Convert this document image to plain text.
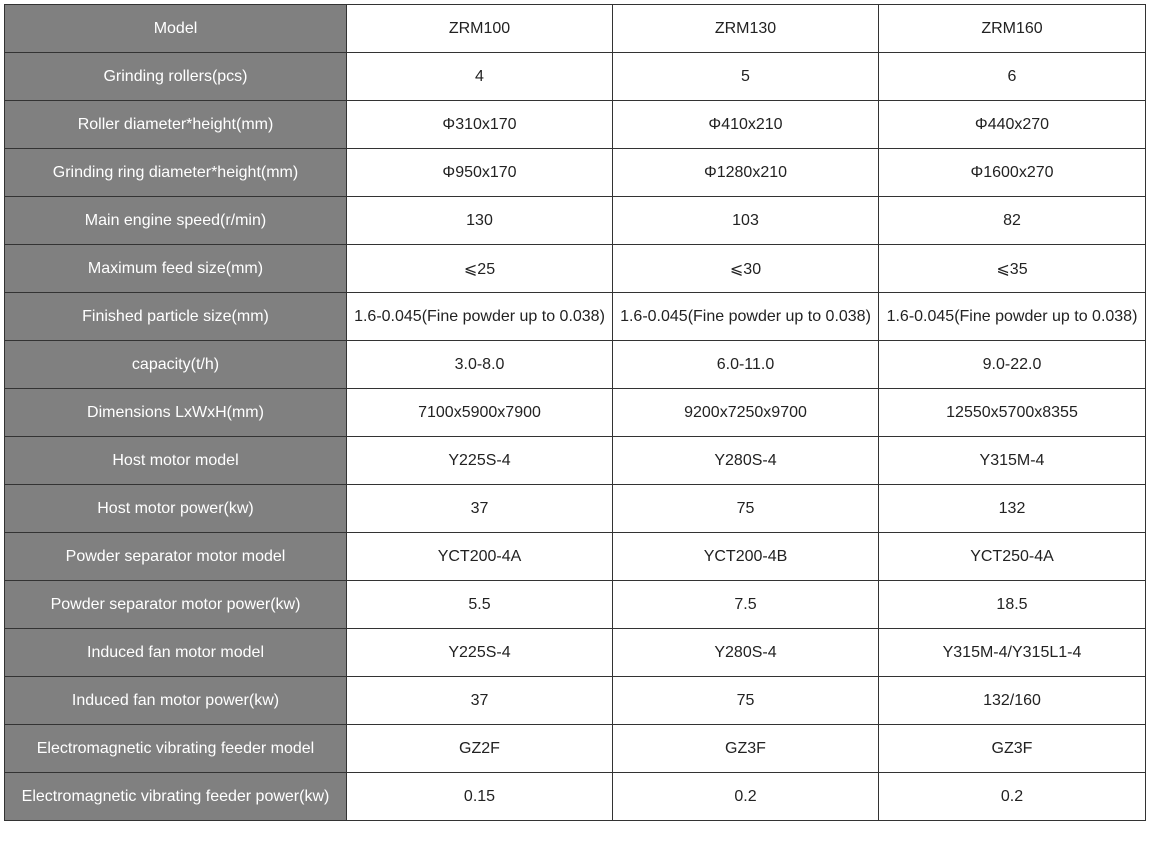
Model	ZRM100	ZRM130	ZRM160
Grinding rollers(pcs)	4	5	6
Roller diameter*height(mm)	Φ310x170	Φ410x210	Φ440x270
Grinding ring diameter*height(mm)	Φ950x170	Φ1280x210	Φ1600x270
Main engine speed(r/min)	130	103	82
Maximum feed size(mm)	⩽25	⩽30	⩽35
Finished particle size(mm)	1.6-0.045(Fine powder up to 0.038)	1.6-0.045(Fine powder up to 0.038)	1.6-0.045(Fine powder up to 0.038)
capacity(t/h)	3.0-8.0	6.0-11.0	9.0-22.0
Dimensions LxWxH(mm)	7100x5900x7900	9200x7250x9700	12550x5700x8355
Host motor model	Y225S-4	Y280S-4	Y315M-4
Host motor power(kw)	37	75	132
Powder separator motor model	YCT200-4A	YCT200-4B	YCT250-4A
Powder separator motor power(kw)	5.5	7.5	18.5
Induced fan motor model	Y225S-4	Y280S-4	Y315M-4/Y315L1-4
Induced fan motor power(kw)	37	75	132/160
Electromagnetic vibrating feeder model	GZ2F	GZ3F	GZ3F
Electromagnetic vibrating feeder power(kw)	0.15	0.2	0.2
